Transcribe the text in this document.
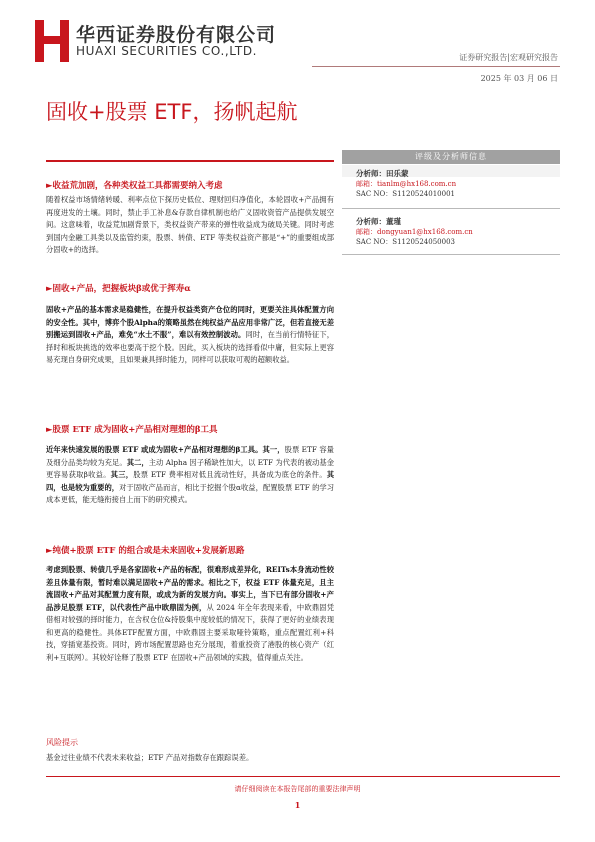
华西证券股份有限公司
HUAXI SECURITIES CO.,LTD.	证券研究报告|宏观研究报告
2025 年 03 月 06 日
固收+股票 ETF，扬帆起航
►收益荒加剧，各种类权益工具都需要纳入考虑
随着权益市场情绪转暖、利率点位下探历史低位、理财回归净值化，本轮固收+产品拥有再度进发的土壤。同时，禁止手工补息&存款自律机制也给广义固收资管产品提供发展空间。这意味着，收益荒加剧背景下，类权益资产带来的弹性收益成为破局关键。同时考虑到国内金融工具类以及监管约束，股票、转债、ETF 等类权益资产都是“+”的重要组成部分固收+的选择。
►固收+产品，把握板块β或优于挥寿α
固收+产品的基本需求是稳健性，在提升权益类资产仓位的同时，更要关注具体配置方向的安全性。其中，博弈个股Alpha的策略虽然在纯权益产品应用非常广泛，但若直接无差别搬运到固收+产品，难免“水土不服”，难以有效控制波动。同时，在当前行情特征下，择时和板块挑选的效率也要高于挖个股。因此，买入板块的选择看似中庸，但实际上更容易充现自身研究成果，且如果兼具择时能力，同样可以获取可观的超额收益。
►股票 ETF 成为固收+产品相对理想的β工具
近年来快速发展的股票 ETF 或成为固收+产品相对理想的β工具。其一，股票 ETF 容量及细分品类均较为充足。其二，主动 Alpha 因子稀缺性加大，以 ETF 为代表的被动基金更容易获取β收益。其三，股票 ETF 费率相对低且流动性好，具备成为底仓的条件。其四，也是较为重要的，对于固收产品而言，相比于挖掘个股α收益，配置股票 ETF 的学习成本更低，能无缝衔接自上而下的研究模式。
►纯债+股票 ETF 的组合或是未来固收+发展新思路
考虑到股票、转债几乎是各家固收+产品的标配，很难形成差异化，REITs本身流动性较差且体量有限，暂时难以满足固收+产品的需求。相比之下，权益 ETF 体量充足，且主流固收+产品对其配置力度有限，或成为新的发展方向。事实上，当下已有部分固收+产品涉足股票 ETF，以代表性产品中欧鼎固为例，从 2024 年全年表现来看，中欧鼎固凭借相对较强的择时能力，在含权仓位&持股集中度较低的情况下，获得了更好的业绩表现和更高的稳健性。具体ETF配置方面，中欧鼎固主要采取哑铃策略，重点配置红利+科技，穿插宽基投资。同时，跨市场配置思路也充分展现，着重投资了港股的核心资产（红利+互联网）。其较好诠释了股票 ETF 在固收+产品领域的实践，值得重点关注。
风险提示
基金过往业绩不代表未来收益；ETF 产品对指数存在跟踪误差。
评级及分析师信息
分析师：田乐蒙
邮箱：tianlm@hx168.com.cn
SAC NO：S1120524010001
分析师：董瑾
邮箱：dongyuan1@hx168.com.cn
SAC NO：S1120524050003
请仔细阅读在本报告尾部的重要法律声明
1
